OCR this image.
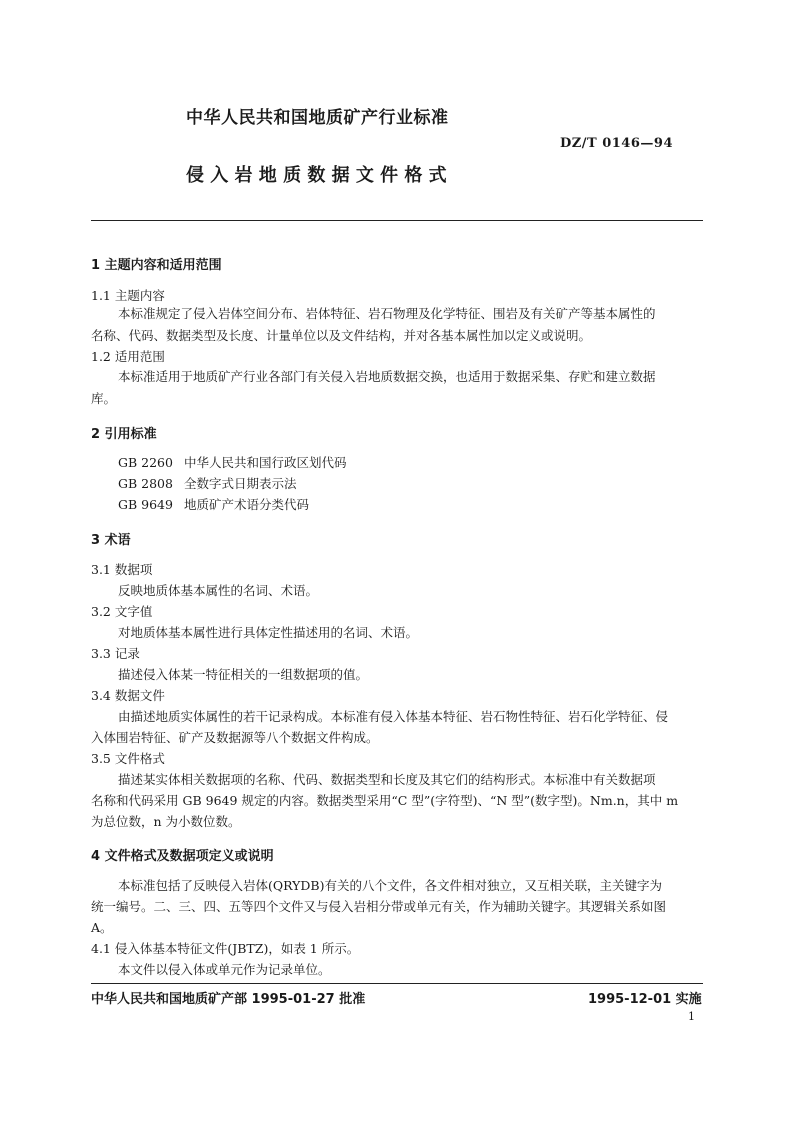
中华人民共和国地质矿产行业标准
DZ/T 0146—94
侵 入 岩 地 质 数 据 文 件 格 式
1 主题内容和适用范围
1.1 主题内容
本标准规定了侵入岩体空间分布、岩体特征、岩石物理及化学特征、围岩及有关矿产等基本属性的
名称、代码、数据类型及长度、计量单位以及文件结构，并对各基本属性加以定义或说明。
1.2 适用范围
本标准适用于地质矿产行业各部门有关侵入岩地质数据交换，也适用于数据采集、存贮和建立数据
库。
2 引用标准
GB 2260 中华人民共和国行政区划代码
GB 2808 全数字式日期表示法
GB 9649 地质矿产术语分类代码
3 术语
3.1 数据项
反映地质体基本属性的名词、术语。
3.2 文字值
对地质体基本属性进行具体定性描述用的名词、术语。
3.3 记录
描述侵入体某一特征相关的一组数据项的值。
3.4 数据文件
由描述地质实体属性的若干记录构成。本标准有侵入体基本特征、岩石物性特征、岩石化学特征、侵
入体围岩特征、矿产及数据源等八个数据文件构成。
3.5 文件格式
描述某实体相关数据项的名称、代码、数据类型和长度及其它们的结构形式。本标准中有关数据项
名称和代码采用 GB 9649 规定的内容。数据类型采用“C 型”(字符型)、“N 型”(数字型)。Nm.n，其中 m
为总位数，n 为小数位数。
4 文件格式及数据项定义或说明
本标准包括了反映侵入岩体(QRYDB)有关的八个文件，各文件相对独立，又互相关联，主关键字为
统一编号。二、三、四、五等四个文件又与侵入岩相分带或单元有关，作为辅助关键字。其逻辑关系如图
A。
4.1 侵入体基本特征文件(JBTZ)，如表 1 所示。
本文件以侵入体或单元作为记录单位。
中华人民共和国地质矿产部 1995-01-27 批准	1995-12-01 实施
1
